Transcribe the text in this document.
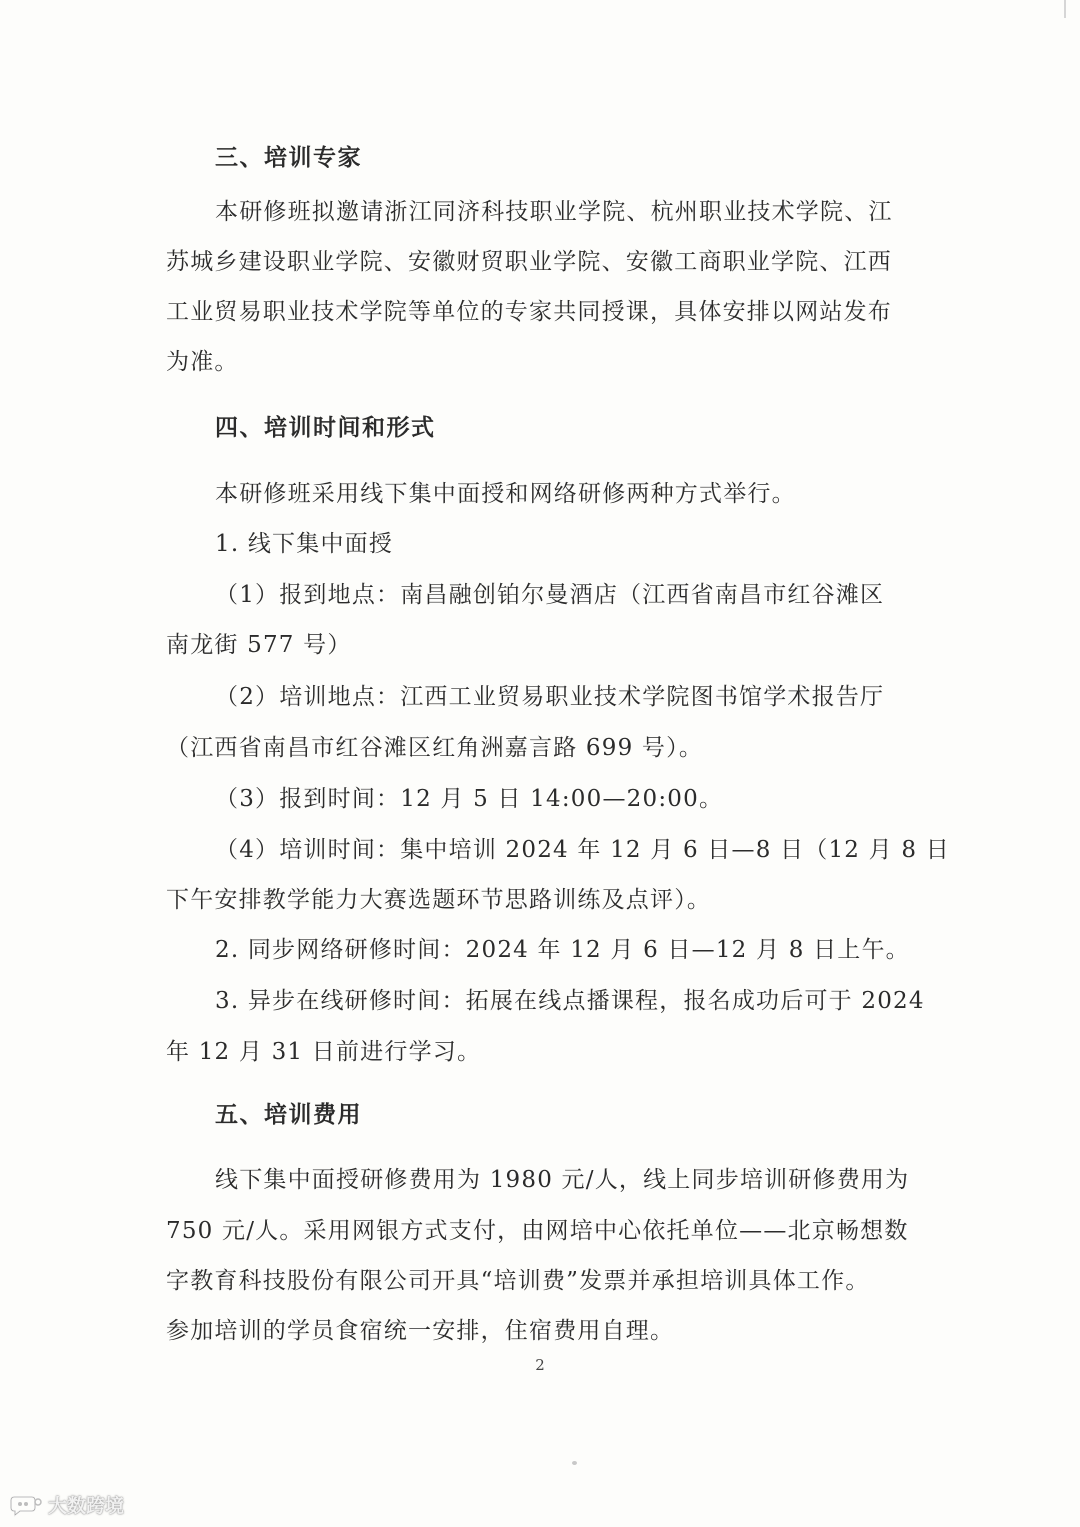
三、培训专家
本研修班拟邀请浙江同济科技职业学院、杭州职业技术学院、江
苏城乡建设职业学院、安徽财贸职业学院、安徽工商职业学院、江西
工业贸易职业技术学院等单位的专家共同授课，具体安排以网站发布
为准。
四、培训时间和形式
本研修班采用线下集中面授和网络研修两种方式举行。
1. 线下集中面授
（1）报到地点：南昌融创铂尔曼酒店（江西省南昌市红谷滩区
南龙街 577 号）
（2）培训地点：江西工业贸易职业技术学院图书馆学术报告厅
（江西省南昌市红谷滩区红角洲嘉言路 699 号）。
（3）报到时间：12 月 5 日 14:00—20:00。
（4）培训时间：集中培训 2024 年 12 月 6 日—8 日（12 月 8 日
下午安排教学能力大赛选题环节思路训练及点评）。
2. 同步网络研修时间：2024 年 12 月 6 日—12 月 8 日上午。
3. 异步在线研修时间：拓展在线点播课程，报名成功后可于 2024
年 12 月 31 日前进行学习。
五、培训费用
线下集中面授研修费用为 1980 元/人，线上同步培训研修费用为
750 元/人。采用网银方式支付，由网培中心依托单位——北京畅想数
字教育科技股份有限公司开具“培训费”发票并承担培训具体工作。
参加培训的学员食宿统一安排，住宿费用自理。
2
大数跨境
